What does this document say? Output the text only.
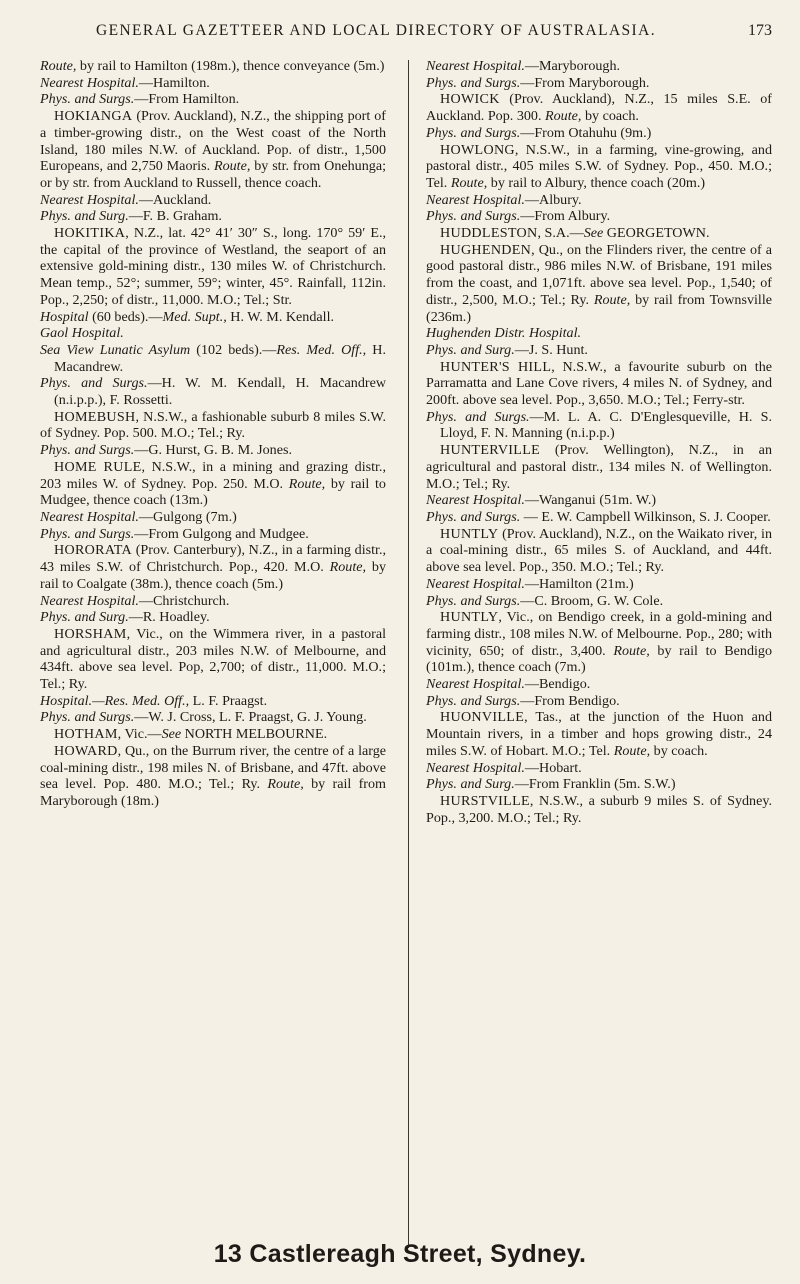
GENERAL GAZETTEER AND LOCAL DIRECTORY OF AUSTRALASIA.	173

Route, by rail to Hamilton (198m.), thence conveyance (5m.)

Nearest Hospital.—Hamilton.

Phys. and Surgs.—From Hamilton.

HOKIANGA (Prov. Auckland), N.Z., the shipping port of a timber-growing distr., on the West coast of the North Island, 180 miles N.W. of Auckland. Pop. of distr., 1,500 Europeans, and 2,750 Maoris. Route, by str. from Onehunga; or by str. from Auckland to Russell, thence coach.

Nearest Hospital.—Auckland.

Phys. and Surg.—F. B. Graham.

HOKITIKA, N.Z., lat. 42° 41′ 30″ S., long. 170° 59′ E., the capital of the province of Westland, the seaport of an extensive gold-mining distr., 130 miles W. of Christchurch. Mean temp., 52°; summer, 59°; winter, 45°. Rainfall, 112in. Pop., 2,250; of distr., 11,000. M.O.; Tel.; Str.

Hospital (60 beds).—Med. Supt., H. W. M. Kendall.

Gaol Hospital.

Sea View Lunatic Asylum (102 beds).—Res. Med. Off., H. Macandrew.

Phys. and Surgs.—H. W. M. Kendall, H. Macandrew (n.i.p.p.), F. Rossetti.

HOMEBUSH, N.S.W., a fashionable suburb 8 miles S.W. of Sydney. Pop. 500. M.O.; Tel.; Ry.

Phys. and Surgs.—G. Hurst, G. B. M. Jones.

HOME RULE, N.S.W., in a mining and grazing distr., 203 miles W. of Sydney. Pop. 250. M.O. Route, by rail to Mudgee, thence coach (13m.)

Nearest Hospital.—Gulgong (7m.)

Phys. and Surgs.—From Gulgong and Mudgee.

HORORATA (Prov. Canterbury), N.Z., in a farming distr., 43 miles S.W. of Christchurch. Pop., 420. M.O. Route, by rail to Coalgate (38m.), thence coach (5m.)

Nearest Hospital.—Christchurch.

Phys. and Surg.—R. Hoadley.

HORSHAM, Vic., on the Wimmera river, in a pastoral and agricultural distr., 203 miles N.W. of Melbourne, and 434ft. above sea level. Pop, 2,700; of distr., 11,000. M.O.; Tel.; Ry.

Hospital.—Res. Med. Off., L. F. Praagst.

Phys. and Surgs.—W. J. Cross, L. F. Praagst, G. J. Young.

HOTHAM, Vic.—See NORTH MELBOURNE.

HOWARD, Qu., on the Burrum river, the centre of a large coal-mining distr., 198 miles N. of Brisbane, and 47ft. above sea level. Pop. 480. M.O.; Tel.; Ry. Route, by rail from Maryborough (18m.)

Nearest Hospital.—Maryborough.

Phys. and Surgs.—From Maryborough.

HOWICK (Prov. Auckland), N.Z., 15 miles S.E. of Auckland. Pop. 300. Route, by coach.

Phys. and Surgs.—From Otahuhu (9m.)

HOWLONG, N.S.W., in a farming, vine-growing, and pastoral distr., 405 miles S.W. of Sydney. Pop., 450. M.O.; Tel. Route, by rail to Albury, thence coach (20m.)

Nearest Hospital.—Albury.

Phys. and Surgs.—From Albury.

HUDDLESTON, S.A.—See GEORGETOWN.

HUGHENDEN, Qu., on the Flinders river, the centre of a good pastoral distr., 986 miles N.W. of Brisbane, 191 miles from the coast, and 1,071ft. above sea level. Pop., 1,540; of distr., 2,500, M.O.; Tel.; Ry. Route, by rail from Townsville (236m.)

Hughenden Distr. Hospital.

Phys. and Surg.—J. S. Hunt.

HUNTER'S HILL, N.S.W., a favourite suburb on the Parramatta and Lane Cove rivers, 4 miles N. of Sydney, and 200ft. above sea level. Pop., 3,650. M.O.; Tel.; Ferry-str.

Phys. and Surgs.—M. L. A. C. D'Englesqueville, H. S. Lloyd, F. N. Manning (n.i.p.p.)

HUNTERVILLE (Prov. Wellington), N.Z., in an agricultural and pastoral distr., 134 miles N. of Wellington. M.O.; Tel.; Ry.

Nearest Hospital.—Wanganui (51m. W.)

Phys. and Surgs. — E. W. Campbell Wilkinson, S. J. Cooper.

HUNTLY (Prov. Auckland), N.Z., on the Waikato river, in a coal-mining distr., 65 miles S. of Auckland, and 44ft. above sea level. Pop., 350. M.O.; Tel.; Ry.

Nearest Hospital.—Hamilton (21m.)

Phys. and Surgs.—C. Broom, G. W. Cole.

HUNTLY, Vic., on Bendigo creek, in a gold-mining and farming distr., 108 miles N.W. of Melbourne. Pop., 280; with vicinity, 650; of distr., 3,400. Route, by rail to Bendigo (101m.), thence coach (7m.)

Nearest Hospital.—Bendigo.

Phys. and Surgs.—From Bendigo.

HUONVILLE, Tas., at the junction of the Huon and Mountain rivers, in a timber and hops growing distr., 24 miles S.W. of Hobart. M.O.; Tel. Route, by coach.

Nearest Hospital.—Hobart.

Phys. and Surg.—From Franklin (5m. S.W.)

HURSTVILLE, N.S.W., a suburb 9 miles S. of Sydney. Pop., 3,200. M.O.; Tel.; Ry.

13 Castlereagh Street, Sydney.
